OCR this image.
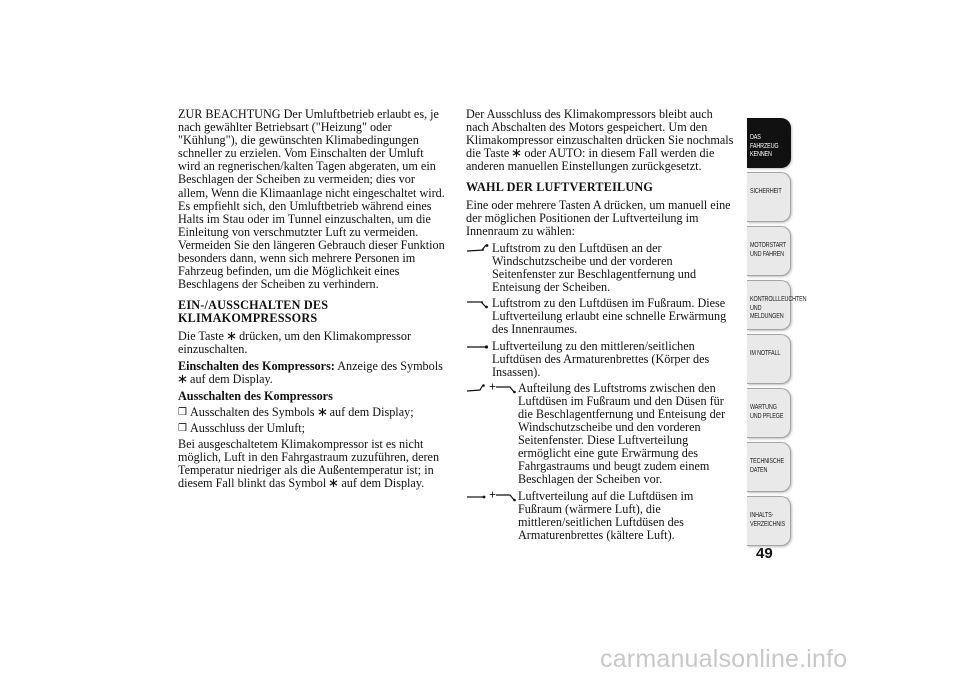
ZUR BEACHTUNG Der Umluftbetrieb erlaubt es, je nach gewählter Betriebsart ("Heizung" oder "Kühlung"), die gewünschten Klimabedingungen schneller zu erzielen. Vom Einschalten der Umluft wird an regnerischen/kalten Tagen abgeraten, um ein Beschlagen der Scheiben zu vermeiden; dies vor allem, Wenn die Klimaanlage nicht eingeschaltet wird. Es empfiehlt sich, den Umluftbetrieb während eines Halts im Stau oder im Tunnel einzuschalten, um die Einleitung von verschmutzter Luft zu vermeiden. Vermeiden Sie den längeren Gebrauch dieser Funktion besonders dann, wenn sich mehrere Personen im Fahrzeug befinden, um die Möglichkeit eines Beschlagens der Scheiben zu verhindern.

EIN-/AUSSCHALTEN DES KLIMAKOMPRESSORS

Die Taste drücken, um den Klimakompressor einzuschalten.

Einschalten des Kompressors: Anzeige des Symbols  auf dem Display.

Ausschalten des Kompressors

❒ Ausschalten des Symbols auf dem Display;
❒ Ausschluss der Umluft;

Bei ausgeschaltetem Klimakompressor ist es nicht möglich, Luft in den Fahrgastraum zuzuführen, deren Temperatur niedriger als die Außentemperatur ist; in diesem Fall blinkt das Symbol auf dem Display.

Der Ausschluss des Klimakompressors bleibt auch nach Abschalten des Motors gespeichert. Um den Klimakompressor einzuschalten drücken Sie nochmals die Taste oder AUTO: in diesem Fall werden die anderen manuellen Einstellungen zurückgesetzt.

WAHL DER LUFTVERTEILUNG

Eine oder mehrere Tasten A drücken, um manuell eine der möglichen Positionen der Luftverteilung im Innenraum zu wählen:

Luftstrom zu den Luftdüsen an der Windschutzscheibe und der vorderen Seitenfenster zur Beschlagentfernung und Enteisung der Scheiben.
Luftstrom zu den Luftdüsen im Fußraum. Diese Luftverteilung erlaubt eine schnelle Erwärmung des Innenraumes.
Luftverteilung zu den mittleren/seitlichen Luftdüsen des Armaturenbrettes (Körper des Insassen).
+ Aufteilung des Luftstroms zwischen den Luftdüsen im Fußraum und den Düsen für die Beschlagentfernung und Enteisung der Windschutzscheibe und den vorderen Seitenfenster. Diese Luftverteilung ermöglicht eine gute Erwärmung des Fahrgastraums und beugt zudem einem Beschlagen der Scheiben vor.
+ Luftverteilung auf die Luftdüsen im Fußraum (wärmere Luft), die mittleren/seitlichen Luftdüsen des Armaturenbrettes (kältere Luft).
DAS FAHRZEUG KENNEN
SICHERHEIT
MOTORSTART UND FAHREN
KONTROLLLEUCHTEN UND MELDUNGEN
IM NOTFALL
WARTUNG UND PFLEGE
TECHNISCHE DATEN
INHALTS-VERZEICHNIS
49
carmanualsonline.info
